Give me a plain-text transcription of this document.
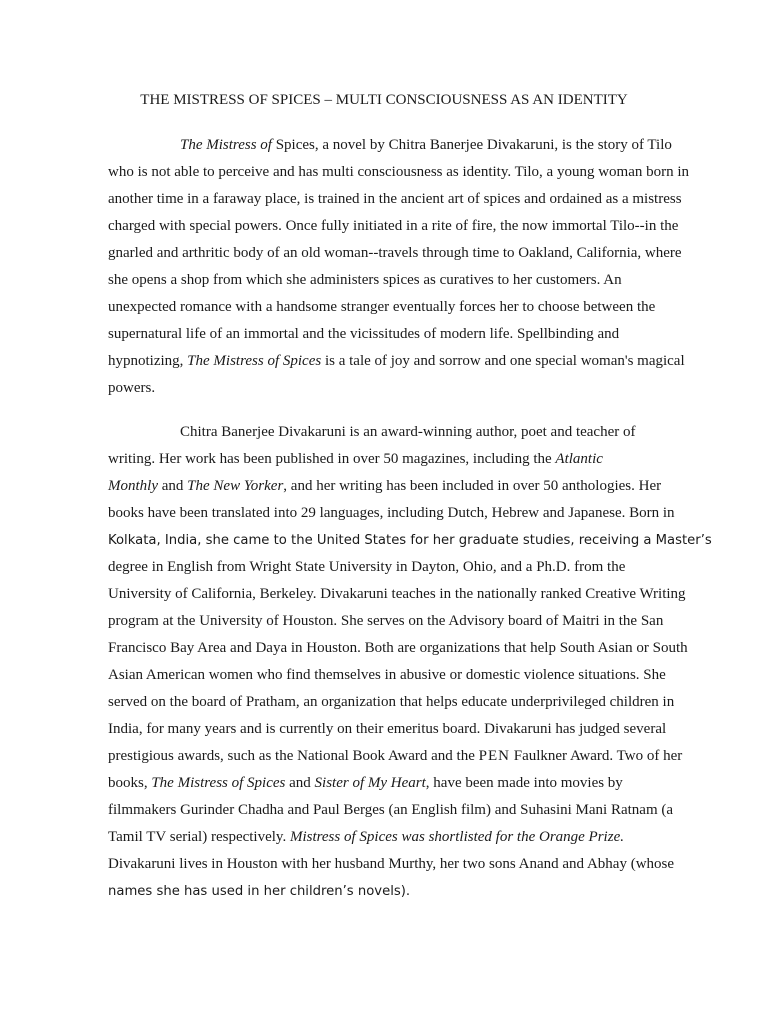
THE MISTRESS OF SPICES – MULTI CONSCIOUSNESS AS AN IDENTITY
The Mistress of Spices, a novel by Chitra Banerjee Divakaruni, is the story of Tilo
who is not able to perceive and has multi consciousness as identity. Tilo, a young woman born in
another time in a faraway place, is trained in the ancient art of spices and ordained as a mistress
charged with special powers. Once fully initiated in a rite of fire, the now immortal Tilo--in the
gnarled and arthritic body of an old woman--travels through time to Oakland, California, where
she opens a shop from which she administers spices as curatives to her customers. An
unexpected romance with a handsome stranger eventually forces her to choose between the
supernatural life of an immortal and the vicissitudes of modern life. Spellbinding and
hypnotizing, The Mistress of Spices is a tale of joy and sorrow and one special woman's magical
powers.
Chitra Banerjee Divakaruni is an award-winning author, poet and teacher of
writing. Her work has been published in over 50 magazines, including the Atlantic
Monthly and The New Yorker, and her writing has been included in over 50 anthologies. Her
books have been translated into 29 languages, including Dutch, Hebrew and Japanese. Born in
Kolkata, India, she came to the United States for her graduate studies, receiving a Master’s
degree in English from Wright State University in Dayton, Ohio, and a Ph.D. from the
University of California, Berkeley. Divakaruni teaches in the nationally ranked Creative Writing
program at the University of Houston. She serves on the Advisory board of Maitri in the San
Francisco Bay Area and Daya in Houston. Both are organizations that help South Asian or South
Asian American women who find themselves in abusive or domestic violence situations. She
served on the board of Pratham, an organization that helps educate underprivileged children in
India, for many years and is currently on their emeritus board. Divakaruni has judged several
prestigious awards, such as the National Book Award and the PEN Faulkner Award. Two of her
books, The Mistress of Spices and Sister of My Heart, have been made into movies by
filmmakers Gurinder Chadha and Paul Berges (an English film) and Suhasini Mani Ratnam (a
Tamil TV serial) respectively. Mistress of Spices was shortlisted for the Orange Prize.
Divakaruni lives in Houston with her husband Murthy, her two sons Anand and Abhay (whose
names she has used in her children’s novels).
